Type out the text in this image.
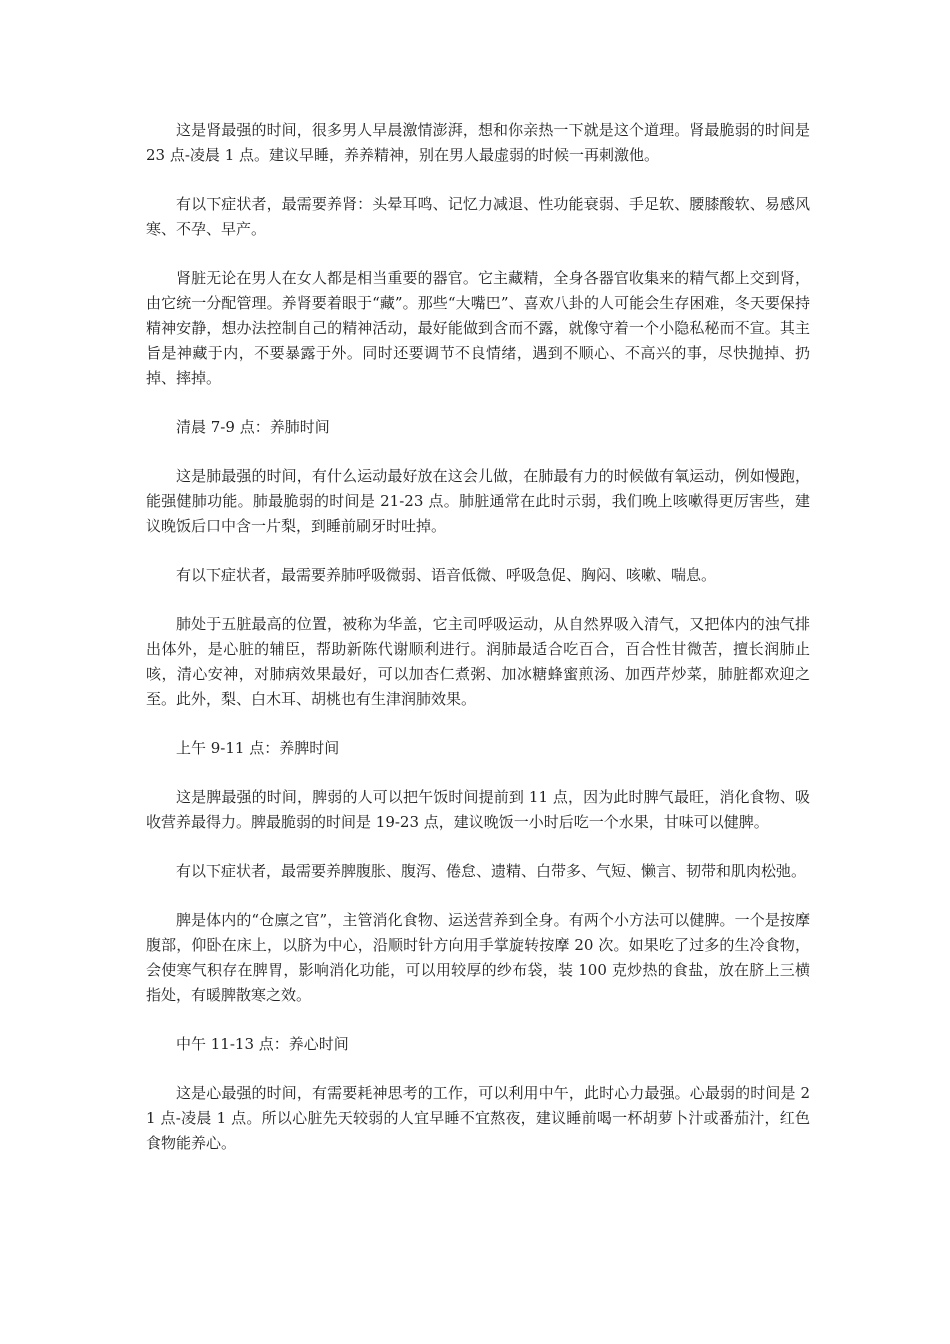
这是肾最强的时间，很多男人早晨激情澎湃，想和你亲热一下就是这个道理。肾最脆弱的时间是 23 点-凌晨 1 点。建议早睡，养养精神，别在男人最虚弱的时候一再刺激他。

有以下症状者，最需要养肾：头晕耳鸣、记忆力减退、性功能衰弱、手足软、腰膝酸软、易感风寒、不孕、早产。

肾脏无论在男人在女人都是相当重要的器官。它主藏精，全身各器官收集来的精气都上交到肾，由它统一分配管理。养肾要着眼于“藏”。那些“大嘴巴”、喜欢八卦的人可能会生存困难，冬天要保持精神安静，想办法控制自己的精神活动，最好能做到含而不露，就像守着一个小隐私秘而不宣。其主旨是神藏于内，不要暴露于外。同时还要调节不良情绪，遇到不顺心、不高兴的事，尽快抛掉、扔掉、摔掉。

清晨 7-9 点：养肺时间

这是肺最强的时间，有什么运动最好放在这会儿做，在肺最有力的时候做有氧运动，例如慢跑，能强健肺功能。肺最脆弱的时间是 21-23 点。肺脏通常在此时示弱，我们晚上咳嗽得更厉害些，建议晚饭后口中含一片梨，到睡前刷牙时吐掉。

有以下症状者，最需要养肺呼吸微弱、语音低微、呼吸急促、胸闷、咳嗽、喘息。

肺处于五脏最高的位置，被称为华盖，它主司呼吸运动，从自然界吸入清气，又把体内的浊气排出体外，是心脏的辅臣，帮助新陈代谢顺利进行。润肺最适合吃百合，百合性甘微苦，擅长润肺止咳，清心安神，对肺病效果最好，可以加杏仁煮粥、加冰糖蜂蜜煎汤、加西芹炒菜，肺脏都欢迎之至。此外，梨、白木耳、胡桃也有生津润肺效果。

上午 9-11 点：养脾时间

这是脾最强的时间，脾弱的人可以把午饭时间提前到 11 点，因为此时脾气最旺，消化食物、吸收营养最得力。脾最脆弱的时间是 19-23 点，建议晚饭一小时后吃一个水果，甘味可以健脾。

有以下症状者，最需要养脾腹胀、腹泻、倦怠、遗精、白带多、气短、懒言、韧带和肌肉松弛。

脾是体内的“仓廪之官”，主管消化食物、运送营养到全身。有两个小方法可以健脾。一个是按摩腹部，仰卧在床上，以脐为中心，沿顺时针方向用手掌旋转按摩 20 次。如果吃了过多的生冷食物，会使寒气积存在脾胃，影响消化功能，可以用较厚的纱布袋，装 100 克炒热的食盐，放在脐上三横指处，有暖脾散寒之效。

中午 11-13 点：养心时间

这是心最强的时间，有需要耗神思考的工作，可以利用中午，此时心力最强。心最弱的时间是 21 点-凌晨 1 点。所以心脏先天较弱的人宜早睡不宜熬夜，建议睡前喝一杯胡萝卜汁或番茄汁，红色食物能养心。
